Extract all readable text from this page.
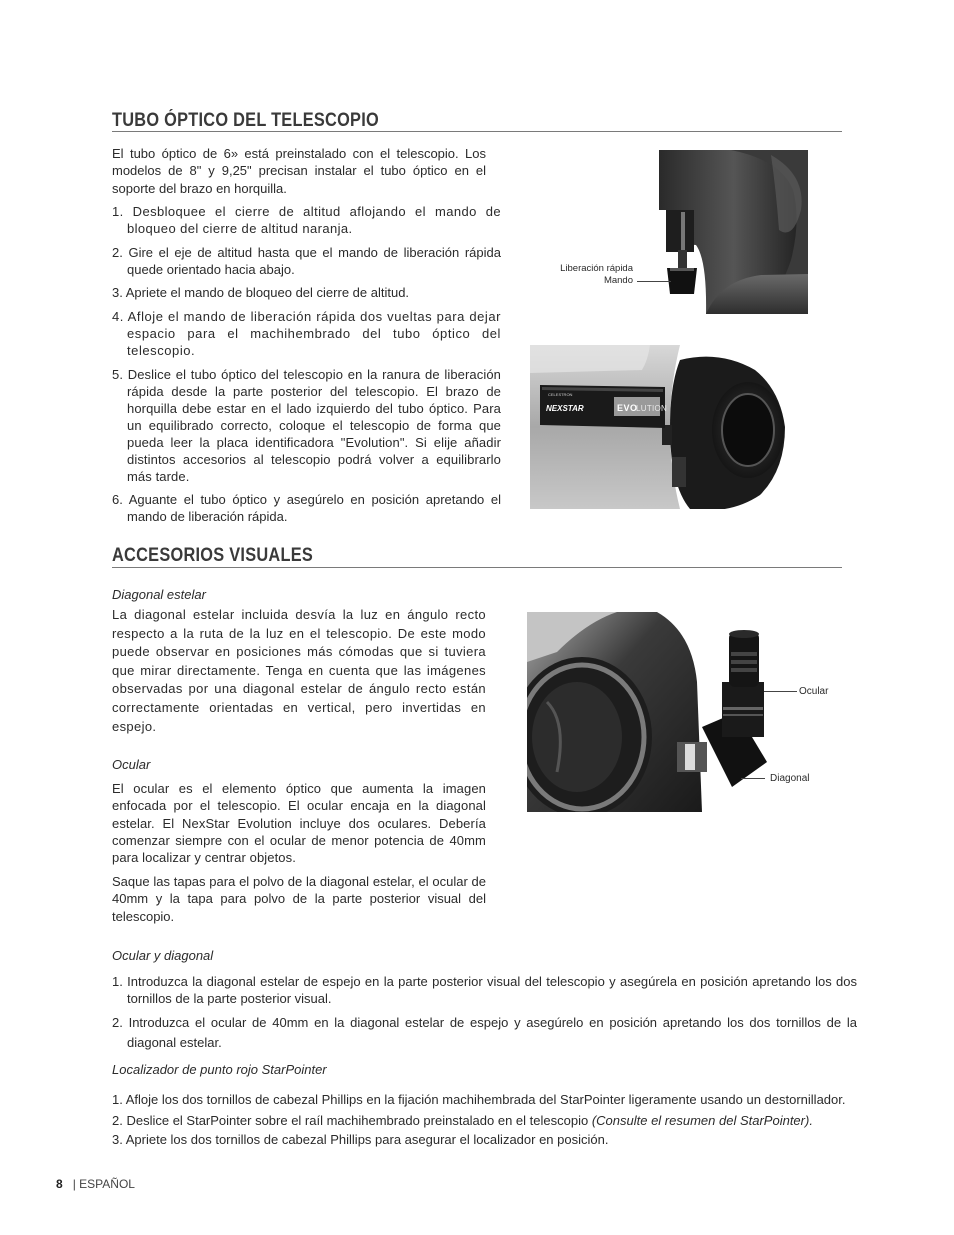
TUBO ÓPTICO DEL TELESCOPIO

El tubo óptico de 6» está preinstalado con el telescopio. Los modelos de 8" y 9,25" precisan instalar el tubo óptico en el soporte del brazo en horquilla.

1. Desbloquee el cierre de altitud aflojando el mando de bloqueo del cierre de altitud naranja.

2. Gire el eje de altitud hasta que el mando de liberación rápida quede orientado hacia abajo.

3. Apriete el mando de bloqueo del cierre de altitud.

4. Afloje el mando de liberación rápida dos vueltas para dejar espacio para el machihembrado del tubo óptico del telescopio.

5. Deslice el tubo óptico del telescopio en la ranura de liberación rápida desde la parte posterior del telescopio. El brazo de horquilla debe estar en el lado izquierdo del tubo óptico. Para un equilibrado correcto, coloque el telescopio de forma que pueda leer la placa identificadora "Evolution". Si elije añadir distintos accesorios al telescopio podrá volver a equilibrarlo más tarde.

6. Aguante el tubo óptico y asegúrelo en posición apretando el mando de liberación rápida.

Liberación rápida
Mando
CELESTRON
NEXSTAR	EVO
LUTION
ACCESORIOS VISUALES

Diagonal estelar

La diagonal estelar incluida desvía la luz en ángulo recto respecto a la ruta de la luz en el telescopio. De este modo puede observar en posiciones más cómodas que si tuviera que mirar directamente. Tenga en cuenta que las imágenes observadas por una diagonal estelar de ángulo recto están correctamente orientadas en vertical, pero invertidas en espejo.

Ocular

El ocular es el elemento óptico que aumenta la imagen enfocada por el telescopio. El ocular encaja en la diagonal estelar. El NexStar Evolution incluye dos oculares. Debería comenzar siempre con el ocular de menor potencia de 40mm para localizar y centrar objetos.

Saque las tapas para el polvo de la diagonal estelar, el ocular de 40mm y la tapa para polvo de la parte posterior visual del telescopio.

Ocular
Diagonal

Ocular y diagonal

1. Introduzca la diagonal estelar de espejo en la parte posterior visual del telescopio y asegúrela en posición apretando los dos tornillos de la parte posterior visual.

2. Introduzca el ocular de 40mm en la diagonal estelar de espejo y asegúrelo en posición apretando los dos tornillos de la diagonal estelar.

Localizador de punto rojo StarPointer

1. Afloje los dos tornillos de cabezal Phillips en la fijación machihembrada del StarPointer ligeramente usando un destornillador.

2. Deslice el StarPointer sobre el raíl machihembrado preinstalado en el telescopio (Consulte el resumen del StarPointer).

3. Apriete los dos tornillos de cabezal Phillips para asegurar el localizador en posición.

8 | ESPAÑOL
